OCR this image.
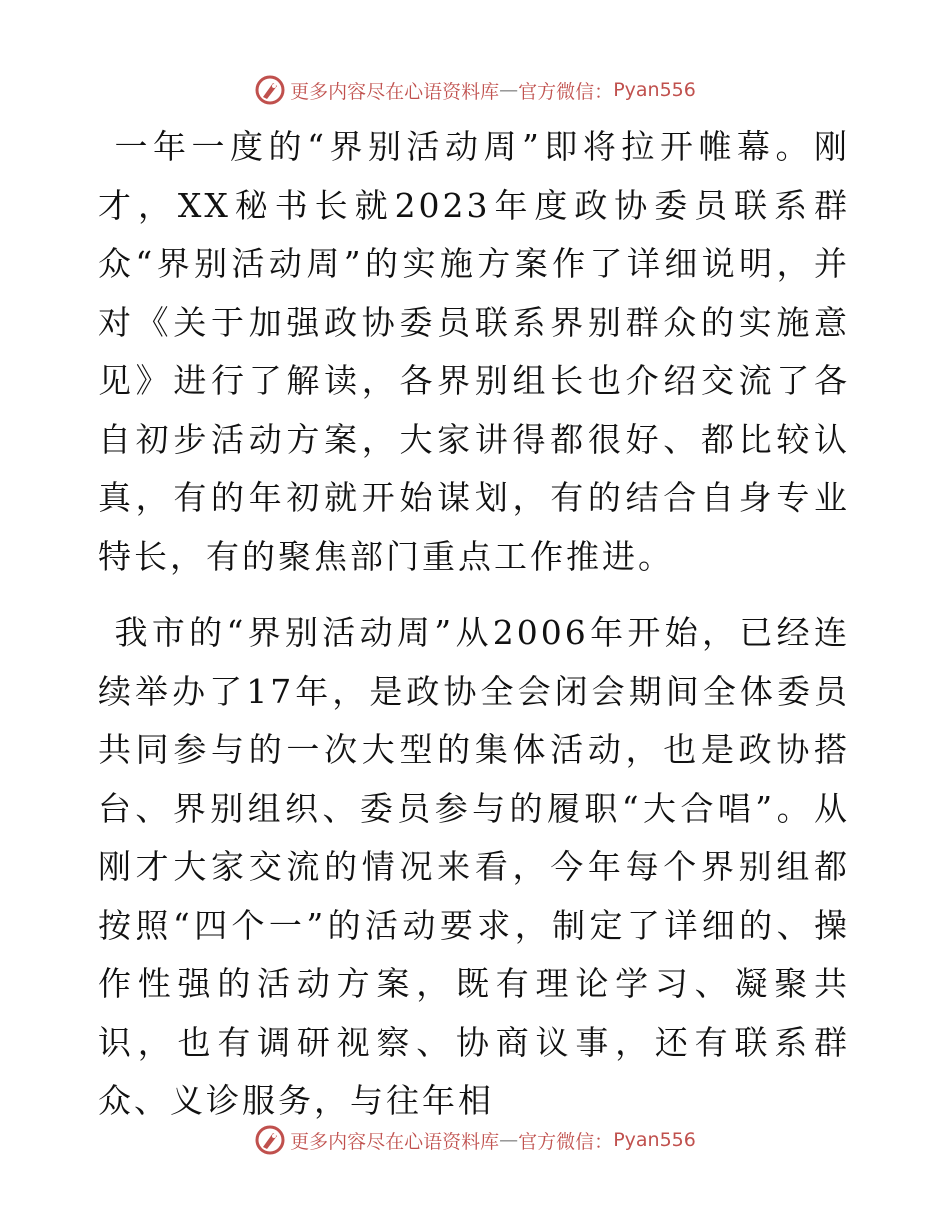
更多内容尽在心语资料库 — 官方微信： Pyan556

一年一度的“界别活动周”即将拉开帷幕。刚才，XX秘书长就2023年度政协委员联系群众“界别活动周”的实施方案作了详细说明，并对《关于加强政协委员联系界别群众的实施意见》进行了解读，各界别组长也介绍交流了各自初步活动方案，大家讲得都很好、都比较认真，有的年初就开始谋划，有的结合自身专业特长，有的聚焦部门重点工作推进。

我市的“界别活动周”从2006年开始，已经连续举办了17年，是政协全会闭会期间全体委员共同参与的一次大型的集体活动，也是政协搭台、界别组织、委员参与的履职“大合唱”。从刚才大家交流的情况来看，今年每个界别组都按照“四个一”的活动要求，制定了详细的、操作性强的活动方案，既有理论学习、凝聚共识，也有调研视察、协商议事，还有联系群众、义诊服务，与往年相

更多内容尽在心语资料库 — 官方微信： Pyan556
